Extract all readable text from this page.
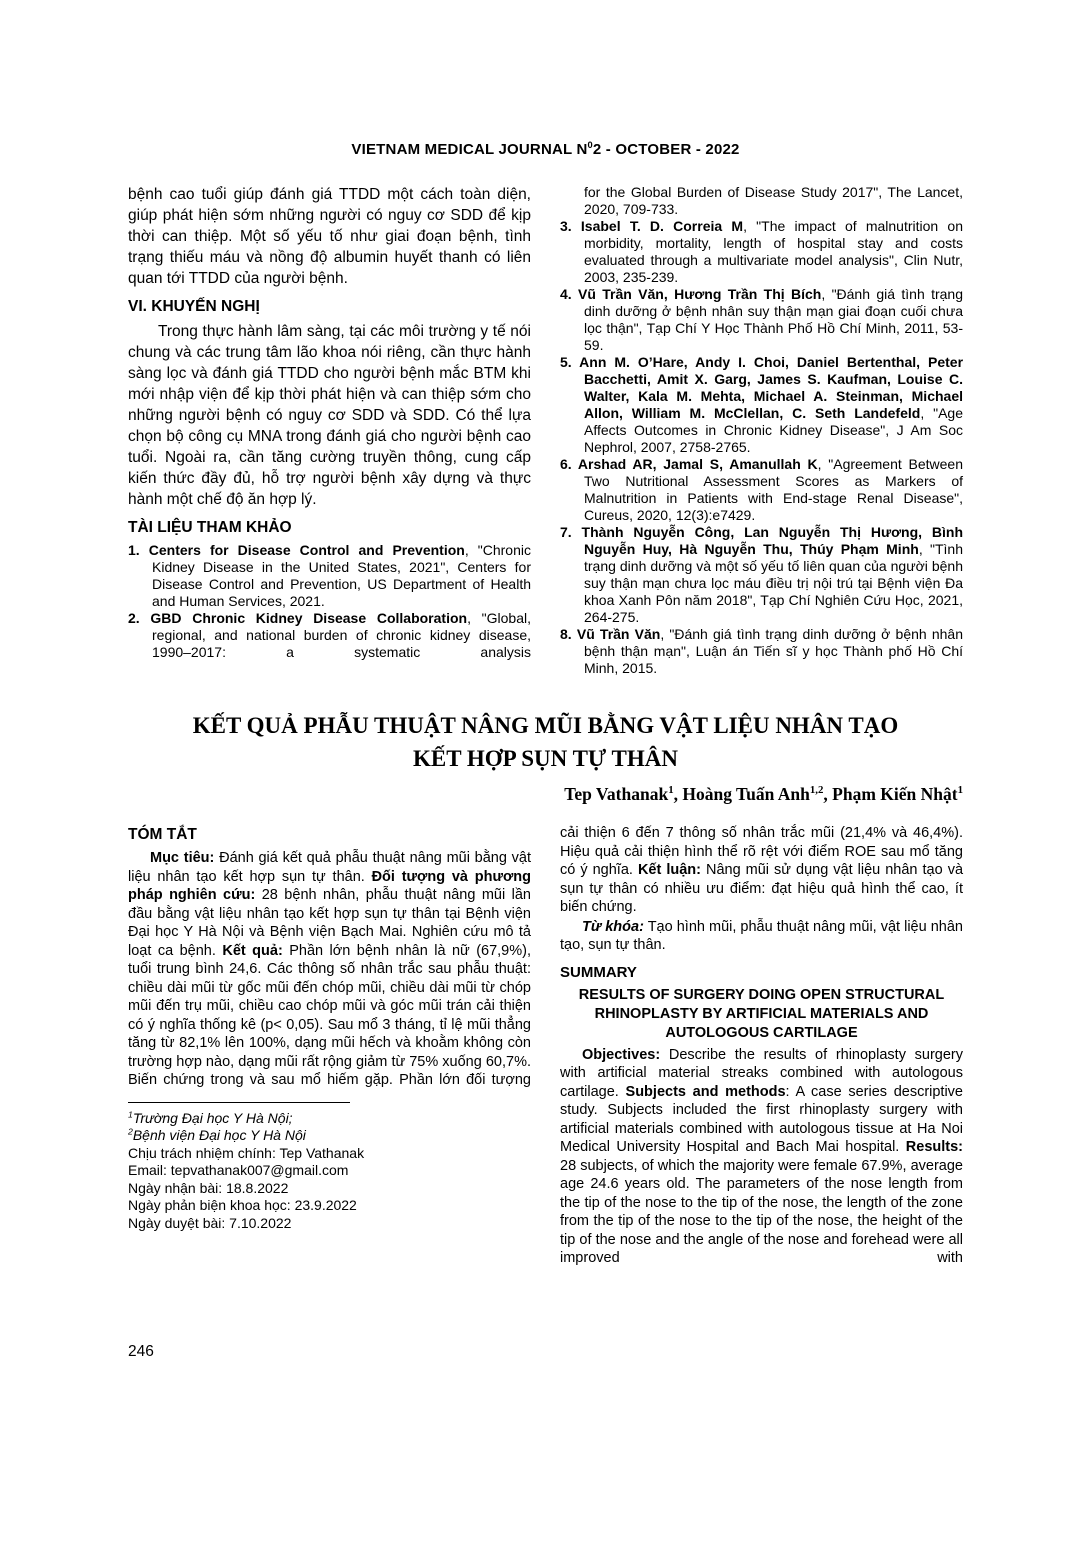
VIETNAM MEDICAL JOURNAL $N^02$ - OCTOBER - 2022

bệnh cao tuổi giúp đánh giá TTDD một cách toàn diện, giúp phát hiện sớm những người có nguy cơ SDD để kịp thời can thiệp. Một số yếu tố như giai đoạn bệnh, tình trạng thiếu máu và nồng độ albumin huyết thanh có liên quan tới TTDD của người bệnh.

VI. KHUYẾN NGHỊ

Trong thực hành lâm sàng, tại các môi trường y tế nói chung và các trung tâm lão khoa nói riêng, cần thực hành sàng lọc và đánh giá TTDD cho người bệnh mắc BTM khi mới nhập viện để kịp thời phát hiện và can thiệp sớm cho những người bệnh có nguy cơ SDD và SDD. Có thể lựa chọn bộ công cụ MNA trong đánh giá cho người bệnh cao tuổi. Ngoài ra, cần tăng cường truyền thông, cung cấp kiến thức đầy đủ, hỗ trợ người bệnh xây dựng và thực hành một chế độ ăn hợp lý.

TÀI LIỆU THAM KHẢO
1. Centers for Disease Control and Prevention, "Chronic Kidney Disease in the United States, 2021", Centers for Disease Control and Prevention, US Department of Health and Human Services, 2021.
2. GBD Chronic Kidney Disease Collaboration, "Global, regional, and national burden of chronic kidney disease, 1990–2017: a systematic analysis
for the Global Burden of Disease Study 2017", The Lancet, 2020, 709-733.
3. Isabel T. D. Correia M, "The impact of malnutrition on morbidity, mortality, length of hospital stay and costs evaluated through a multivariate model analysis", Clin Nutr, 2003, 235-239.
4. Vũ Trần Văn, Hương Trần Thị Bích, "Đánh giá tình trạng dinh dưỡng ở bệnh nhân suy thận mạn giai đoạn cuối chưa lọc thận", Tạp Chí Y Học Thành Phố Hồ Chí Minh, 2011, 53-59.
5. Ann M. O’Hare, Andy I. Choi, Daniel Bertenthal, Peter Bacchetti, Amit X. Garg, James S. Kaufman, Louise C. Walter, Kala M. Mehta, Michael A. Steinman, Michael Allon, William M. McClellan, C. Seth Landefeld, "Age Affects Outcomes in Chronic Kidney Disease", J Am Soc Nephrol, 2007, 2758-2765.
6. Arshad AR, Jamal S, Amanullah K, "Agreement Between Two Nutritional Assessment Scores as Markers of Malnutrition in Patients with End-stage Renal Disease", Cureus, 2020, 12(3):e7429.
7. Thành Nguyễn Công, Lan Nguyễn Thị Hương, Bình Nguyễn Huy, Hà Nguyễn Thu, Thúy Phạm Minh, "Tình trạng dinh dưỡng và một số yếu tố liên quan của người bệnh suy thận mạn chưa lọc máu điều trị nội trú tại Bệnh viện Đa khoa Xanh Pôn năm 2018", Tạp Chí Nghiên Cứu Học, 2021, 264-275.
8. Vũ Trần Văn, "Đánh giá tình trạng dinh dưỡng ở bệnh nhân bệnh thận mạn", Luận án Tiến sĩ y học Thành phố Hồ Chí Minh, 2015.
KẾT QUẢ PHẪU THUẬT NÂNG MŨI BẰNG VẬT LIỆU NHÂN TẠO
KẾT HỢP SỤN TỰ THÂN
Tep Vathanak$^1$, Hoàng Tuấn Anh$^{1,2}$, Phạm Kiến Nhật$^1$
TÓM TẮT

Mục tiêu: Đánh giá kết quả phẫu thuật nâng mũi bằng vật liệu nhân tạo kết hợp sụn tự thân. Đối tượng và phương pháp nghiên cứu: 28 bệnh nhân, phẫu thuật nâng mũi lần đầu bằng vật liệu nhân tạo kết hợp sụn tự thân tại Bệnh viện Đại học Y Hà Nội và Bệnh viện Bạch Mai. Nghiên cứu mô tả loạt ca bệnh. Kết quả: Phần lớn bệnh nhân là nữ (67,9%), tuổi trung bình 24,6. Các thông số nhân trắc sau phẫu thuật: chiều dài mũi từ gốc mũi đến chóp mũi, chiều dài mũi từ chóp mũi đến trụ mũi, chiều cao chóp mũi và góc mũi trán cải thiện có ý nghĩa thống kê (p< 0,05). Sau mổ 3 tháng, tỉ lệ mũi thẳng tăng từ 82,1% lên 100%, dạng mũi hếch và khoằm không còn trường hợp nào, dạng mũi rất rộng giảm từ 75% xuống 60,7%. Biến chứng trong và sau mổ hiếm gặp. Phần lớn đối tượng

$^1$Trường Đại học Y Hà Nội;

$^2$Bệnh viện Đại học Y Hà Nội

Chịu trách nhiệm chính: Tep Vathanak

Email: tepvathanak007@gmail.com

Ngày nhận bài: 18.8.2022

Ngày phản biện khoa học: 23.9.2022

Ngày duyệt bài: 7.10.2022

cải thiện 6 đến 7 thông số nhân trắc mũi (21,4% và 46,4%). Hiệu quả cải thiện hình thể rõ rệt với điểm ROE sau mổ tăng có ý nghĩa. Kết luận: Nâng mũi sử dụng vật liệu nhân tạo và sụn tự thân có nhiều ưu điểm: đạt hiệu quả hình thể cao, ít biến chứng.

Từ khóa: Tạo hình mũi, phẫu thuật nâng mũi, vật liệu nhân tạo, sụn tự thân.

SUMMARY
RESULTS OF SURGERY DOING OPEN STRUCTURAL RHINOPLASTY BY ARTIFICIAL MATERIALS AND AUTOLOGOUS CARTILAGE

Objectives: Describe the results of rhinoplasty surgery with artificial material streaks combined with autologous cartilage. Subjects and methods: A case series descriptive study. Subjects included the first rhinoplasty surgery with artificial materials combined with autologous tissue at Ha Noi Medical University Hospital and Bach Mai hospital. Results: 28 subjects, of which the majority were female 67.9%, average age 24.6 years old. The parameters of the nose length from the tip of the nose to the tip of the nose, the length of the zone from the tip of the nose to the tip of the nose, the height of the tip of the nose and the angle of the nose and forehead were all improved with

246
